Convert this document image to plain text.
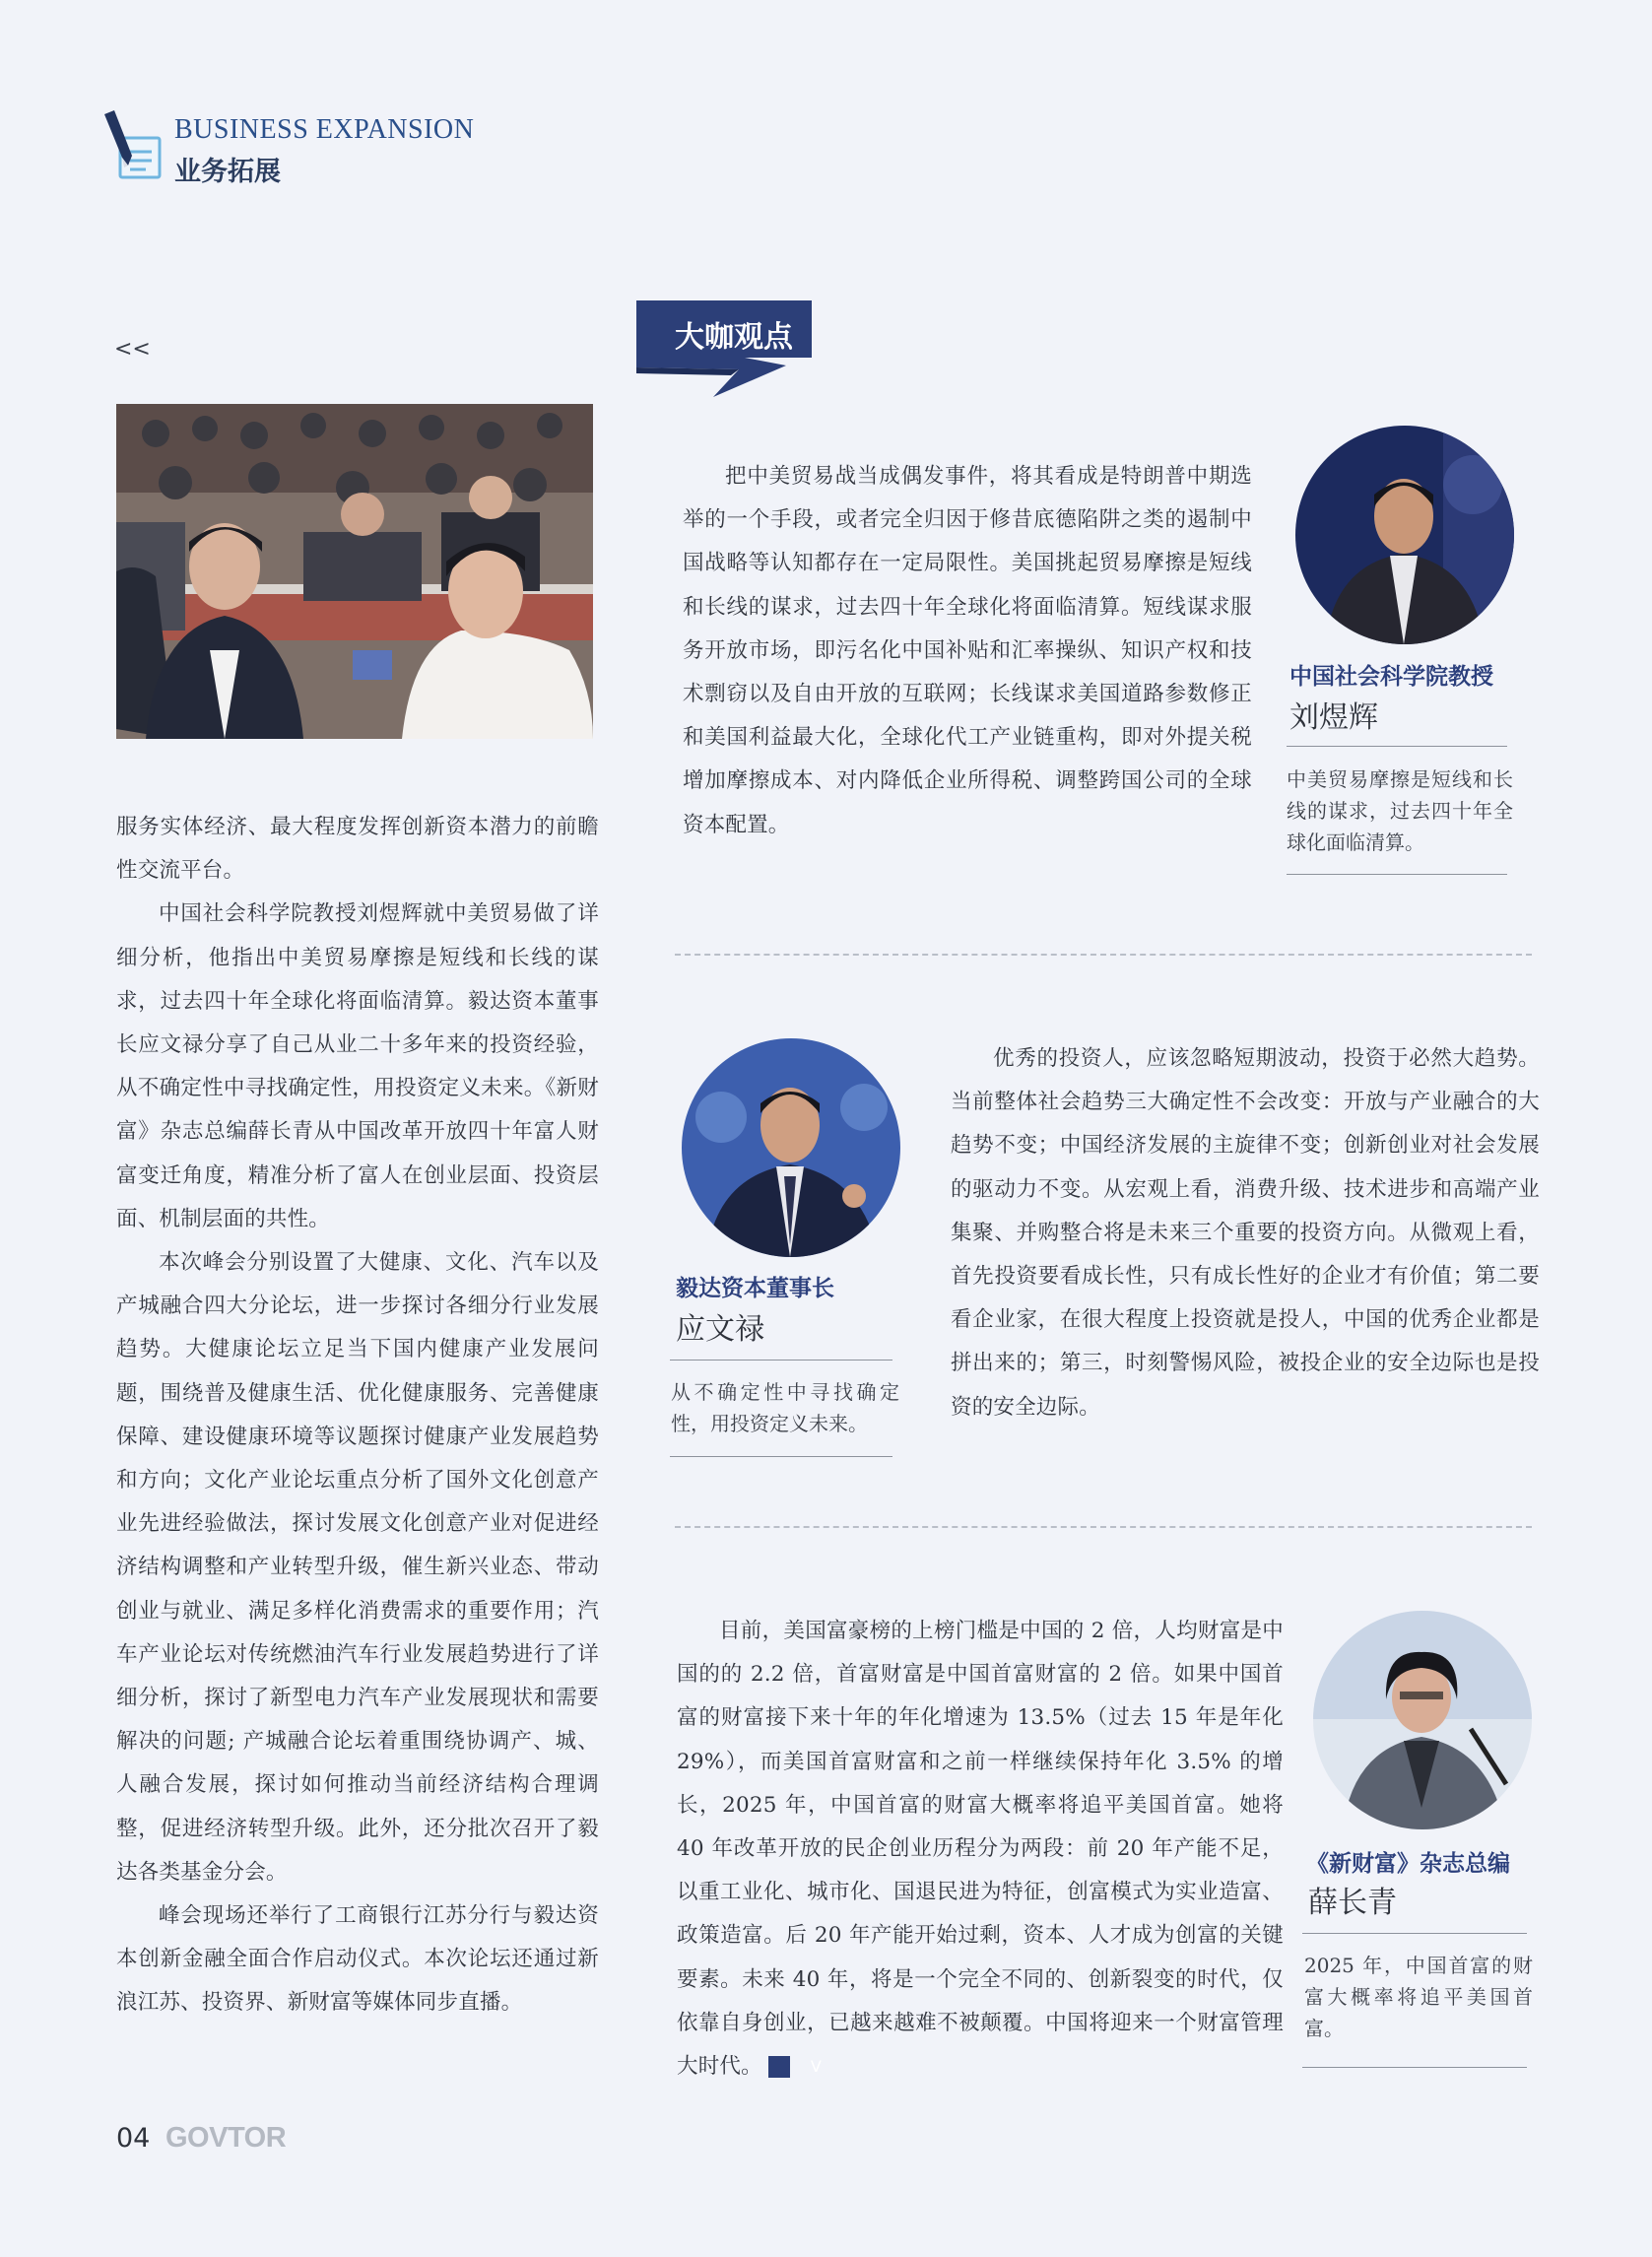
BUSINESS EXPANSION
业务拓展
<<	大咖观点

服务实体经济、最大程度发挥创新资本潜力的前瞻性交流平台。

中国社会科学院教授刘煜辉就中美贸易做了详细分析，他指出中美贸易摩擦是短线和长线的谋求，过去四十年全球化将面临清算。毅达资本董事长应文禄分享了自己从业二十多年来的投资经验，从不确定性中寻找确定性，用投资定义未来。《新财富》杂志总编薛长青从中国改革开放四十年富人财富变迁角度，精准分析了富人在创业层面、投资层面、机制层面的共性。

本次峰会分别设置了大健康、文化、汽车以及产城融合四大分论坛，进一步探讨各细分行业发展趋势。大健康论坛立足当下国内健康产业发展问题，围绕普及健康生活、优化健康服务、完善健康保障、建设健康环境等议题探讨健康产业发展趋势和方向；文化产业论坛重点分析了国外文化创意产业先进经验做法，探讨发展文化创意产业对促进经济结构调整和产业转型升级，催生新兴业态、带动创业与就业、满足多样化消费需求的重要作用；汽车产业论坛对传统燃油汽车行业发展趋势进行了详细分析，探讨了新型电力汽车产业发展现状和需要解决的问题; 产城融合论坛着重围绕协调产、城、人融合发展，探讨如何推动当前经济结构合理调整，促进经济转型升级。此外，还分批次召开了毅达各类基金分会。

峰会现场还举行了工商银行江苏分行与毅达资本创新金融全面合作启动仪式。本次论坛还通过新浪江苏、投资界、新财富等媒体同步直播。

把中美贸易战当成偶发事件，将其看成是特朗普中期选举的一个手段，或者完全归因于修昔底德陷阱之类的遏制中国战略等认知都存在一定局限性。美国挑起贸易摩擦是短线和长线的谋求，过去四十年全球化将面临清算。短线谋求服务开放市场，即污名化中国补贴和汇率操纵、知识产权和技术剽窃以及自由开放的互联网；长线谋求美国道路参数修正和美国利益最大化，全球化代工产业链重构，即对外提关税增加摩擦成本、对内降低企业所得税、调整跨国公司的全球资本配置。

中国社会科学院教授
刘煜辉
中美贸易摩擦是短线和长线的谋求，过去四十年全球化面临清算。
毅达资本董事长
应文禄
从不确定性中寻找确定性，用投资定义未来。

优秀的投资人，应该忽略短期波动，投资于必然大趋势。当前整体社会趋势三大确定性不会改变：开放与产业融合的大趋势不变；中国经济发展的主旋律不变；创新创业对社会发展的驱动力不变。从宏观上看，消费升级、技术进步和高端产业集聚、并购整合将是未来三个重要的投资方向。从微观上看，首先投资要看成长性，只有成长性好的企业才有价值；第二要看企业家，在很大程度上投资就是投人，中国的优秀企业都是拼出来的；第三，时刻警惕风险，被投企业的安全边际也是投资的安全边际。

目前，美国富豪榜的上榜门槛是中国的 2 倍，人均财富是中国的的 2.2 倍，首富财富是中国首富财富的 2 倍。如果中国首富的财富接下来十年的年化增速为 13.5%（过去 15 年是年化 29%），而美国首富财富和之前一样继续保持年化 3.5% 的增长，2025 年，中国首富的财富大概率将追平美国首富。她将 40 年改革开放的民企创业历程分为两段：前 20 年产能不足，以重工业化、城市化、国退民进为特征，创富模式为实业造富、政策造富。后 20 年产能开始过剩，资本、人才成为创富的关键要素。未来 40 年，将是一个完全不同的、创新裂变的时代，仅依靠自身创业，已越来越难不被颠覆。中国将迎来一个财富管理大时代。	V

《新财富》杂志总编
薛长青
2025 年，中国首富的财富大概率将追平美国首富。
04 GOVTOR
